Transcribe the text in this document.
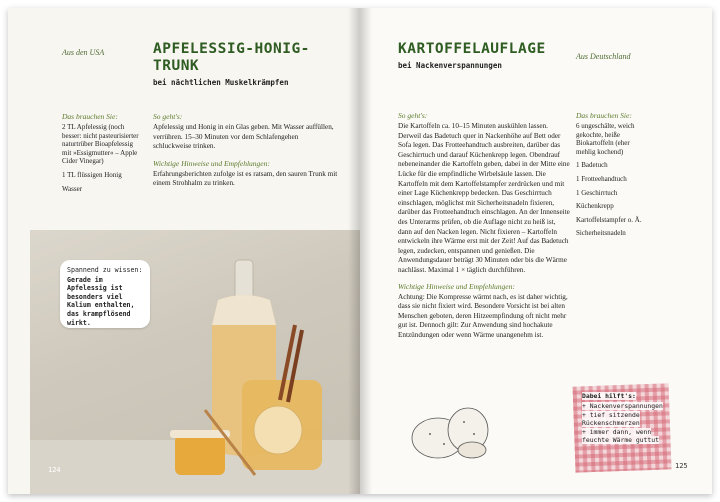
Aus den USA	APFELESSIG-HONIG-
TRUNK
bei nächtlichen Muskelkrämpfen
Das brauchen Sie:
2 TL Apfelessig (noch besser: nicht pasteurisierter naturtrüber Bioapfelessig mit »Essigmutter« – Apple Cider Vinegar)
1 TL flüssigen Honig
Wasser
So geht's:
Apfelessig und Honig in ein Glas geben. Mit Wasser auffüllen, verrühren. 15–30 Minuten vor dem Schlafengehen schluckweise trinken.
Wichtige Hinweise und Empfehlungen:
Erfahrungsberichten zufolge ist es ratsam, den sauren Trunk mit einem Strohhalm zu trinken.
Spannend zu wissen:
Gerade im Apfelessig ist besonders viel Kalium enthalten, das krampflösend wirkt.
124
KARTOFFELAUFLAGE
bei Nackenverspannungen
Aus Deutschland
So geht's:
Die Kartoffeln ca. 10–15 Minuten auskühlen lassen. Derweil das Badetuch quer in Nackenhöhe auf Bett oder Sofa legen. Das Frotteehandtuch ausbreiten, darüber das Geschirrtuch und darauf Küchenkrepp legen. Obendrauf nebeneinander die Kartoffeln geben, dabei in der Mitte eine Lücke für die empfindliche Wirbelsäule lassen. Die Kartoffeln mit dem Kartoffelstampfer zerdrücken und mit einer Lage Küchenkrepp bedecken. Das Geschirrtuch einschlagen, möglichst mit Sicherheitsnadeln fixieren, darüber das Frotteehandtuch einschlagen. An der Innenseite des Unterarms prüfen, ob die Auflage nicht zu heiß ist, dann auf den Nacken legen. Nicht fixieren – Kartoffeln entwickeln ihre Wärme erst mit der Zeit! Auf das Badetuch legen, zudecken, entspannen und genießen. Die Anwendungsdauer beträgt 30 Minuten oder bis die Wärme nachlässt. Maximal 1 × täglich durchführen.
Wichtige Hinweise und Empfehlungen:
Achtung: Die Kompresse wärmt nach, es ist daher wichtig, dass sie nicht fixiert wird. Besondere Vorsicht ist bei alten Menschen geboten, deren Hitzeempfindung oft nicht mehr gut ist. Dennoch gilt: Zur Anwendung sind hochakute Entzündungen oder wenn Wärme unangenehm ist.
Das brauchen Sie:
6 ungeschälte, weich gekochte, heiße Biokartoffeln (eher mehlig kochend)
1 Badetuch
1 Frotteehandtuch
1 Geschirrtuch
Küchenkrepp
Kartoffelstampfer o. Ä.
Sicherheitsnadeln
Dabei hilft's:
+ Nackenverspannungen
+ tief sitzende Rückenschmerzen
+ immer dann, wenn feuchte Wärme guttut
125
